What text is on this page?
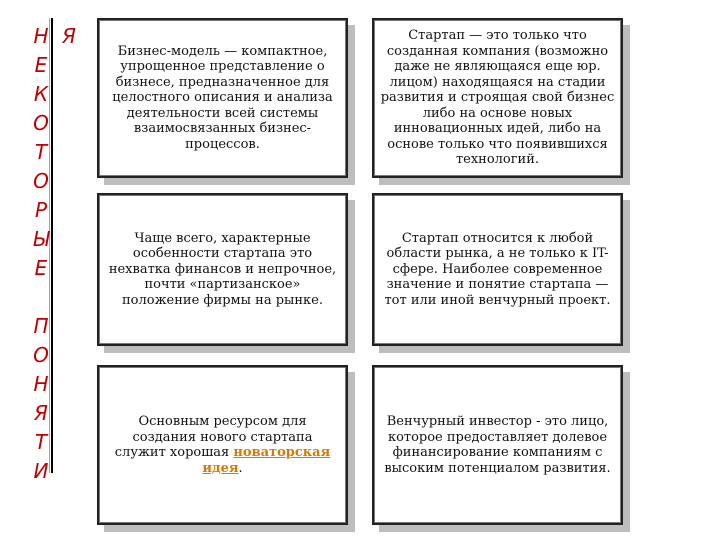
Н
Е
К
О
Т
О
Р
Ы
Е

П
О
Н
Я
Т
И
Я

Бизнес-модель — компактное, упрощенное представление о бизнесе, предназначенное для целостного описания и анализа деятельности всей системы взаимосвязанных бизнес-процессов.

Стартап — это только что созданная компания (возможно даже не являющаяся еще юр. лицом) находящаяся на стадии развития и строящая свой бизнес либо на основе новых инновационных идей, либо на основе только что появившихся технологий.

Чаще всего, характерные особенности стартапа это нехватка финансов и непрочное, почти «партизанское» положение фирмы на рынке.

Стартап относится к любой области рынка, а не только к IT-сфере. Наиболее современное значение и понятие стартапа — тот или иной венчурный проект.

Основным ресурсом для создания нового стартапа служит хорошая новаторская идея.

Венчурный инвестор - это лицо, которое предоставляет долевое финансирование компаниям с высоким потенциалом развития.
